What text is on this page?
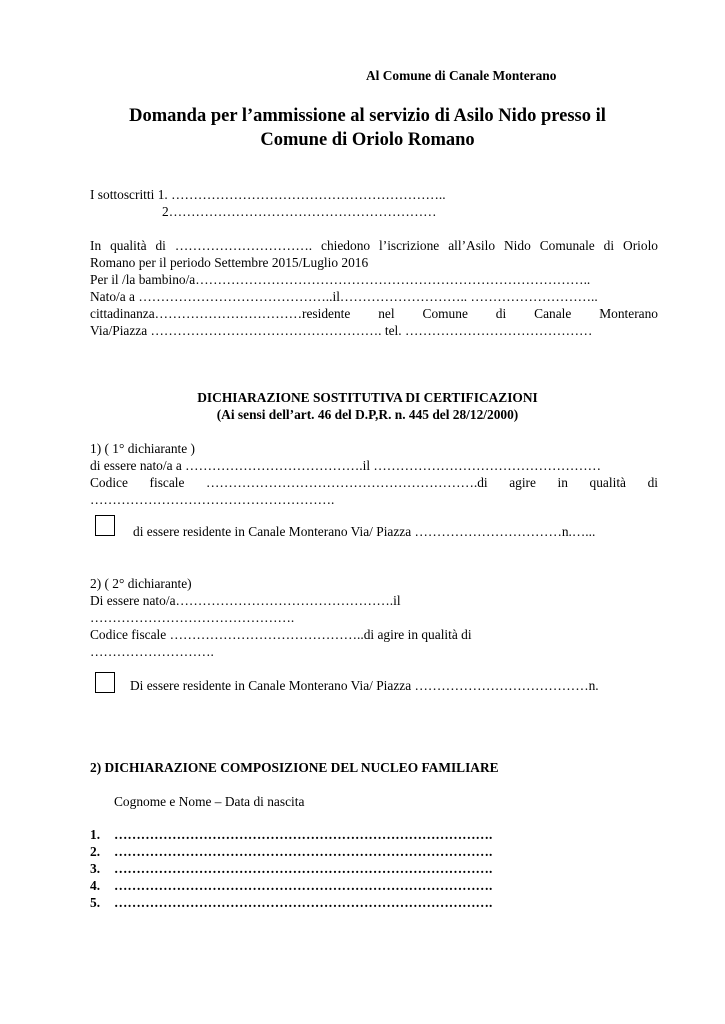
Al Comune di Canale Monterano
Domanda per l’ammissione al servizio di Asilo Nido presso il
Comune di Oriolo Romano
I sottoscritti 1. ……………………………………………………..
2……………………………………………………
In qualità di …………………………. chiedono l’iscrizione all’Asilo Nido Comunale di Oriolo
Romano per il periodo Settembre 2015/Luglio 2016
Per il /la bambino/a……………………………………………………………………………..
Nato/a a ……………………………………..il……………………….. ………………………..
cittadinanza……………………………residente nel Comune di Canale Monterano
Via/Piazza ……………………………………………. tel. ……………………………………
DICHIARAZIONE SOSTITUTIVA DI CERTIFICAZIONI
(Ai sensi dell’art. 46 del D.P,R. n. 445 del 28/12/2000)
1) ( 1° dichiarante )
di essere nato/a a ………………………………….il ……………………………………………
Codice fiscale …………………………………………………….di agire in qualità di
……………………………………………….
di essere residente in Canale Monterano Via/ Piazza ……………………………n.…...
2) ( 2° dichiarante)
Di essere nato/a………………………………………….il
……………………………………….
Codice fiscale ……………………………………..di agire in qualità di
……………………….
Di essere residente in Canale Monterano Via/ Piazza …………………………………n.
2) DICHIARAZIONE COMPOSIZIONE DEL NUCLEO FAMILIARE
Cognome e Nome – Data di nascita
1. ………………………………………………………………………….
2. ………………………………………………………………………….
3. ………………………………………………………………………….
4. ………………………………………………………………………….
5. ………………………………………………………………………….
